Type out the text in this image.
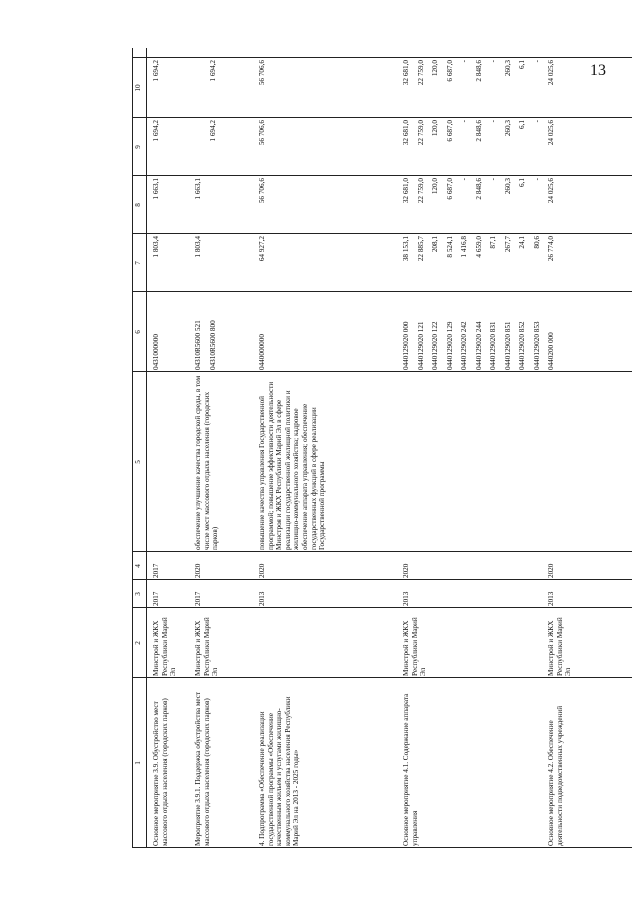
13
1
2
3
4
5
6
7
8
9
10
Основное мероприятие 3.9. Обустройство мест массового отдыха населения (городских парков)
Минстрой и ЖКХ Республики Марий Эл
2017
2017
0431000000
1 803,4
1 663,1
1 694,2
1 694,2
Мероприятие 3.9.1. Поддержка обустройства мест массового отдыха населения (городских парков)
Минстрой и ЖКХ Республики Марий Эл
2017
2020
обеспечение улучшение качества городской среды, в том числе мест массового отдыха населения (городских парков)
04310R5600 521 04310R5600 800
1 803,4
1 663,1
1 694,2
1 694,2
4. Подпрограмма «Обеспечение реализации государственной программы «Обеспечение качественным жильем и услугами жилищно-коммунального хозяйства населения Республики Марий Эл на 2013 - 2025 годы»
2013
2020
повышение качества управления Государственной программой; повышение эффективности деятельности Минстроя и ЖКХ Республики Марий Эл в сфере реализации государственной жилищной политики и жилищно-коммунального хозяйства; кадровое обеспечение аппарата управления; обеспечение государственных функций в сфере реализации Государственной программы
0440000000
64 927,2
56 706,6
56 706,6
56 706,6
Основное мероприятие 4.1. Содержание аппарата управления
Минстрой и ЖКХ Республики Марий Эл
2013
2020
0440129020 000 0440129020 121 0440129020 122 0440129020 129 0440129020 242 0440129020 244 0440129020 831 0440129020 851 0440129020 852 0440129020 853
38 153,1 22 885,7 208,1 8 524,1 1 416,8 4 659,0 87,1 267,7 24,1 80,6
32 681,0 22 759,0 120,0 6 687,0 - 2 848,6 - 260,3 6,1 -
32 681,0 22 759,0 120,0 6 687,0 - 2 848,6 - 260,3 6,1 -
32 681,0 22 759,0 120,0 6 687,0 - 2 848,6 - 260,3 6,1 -
Основное мероприятие 4.2. Обеспечение деятельности подведомственных учреждений
Минстрой и ЖКХ Республики Марий Эл
2013
2020
0440200 000
26 774,0
24 025,6
24 025,6
24 025,6
